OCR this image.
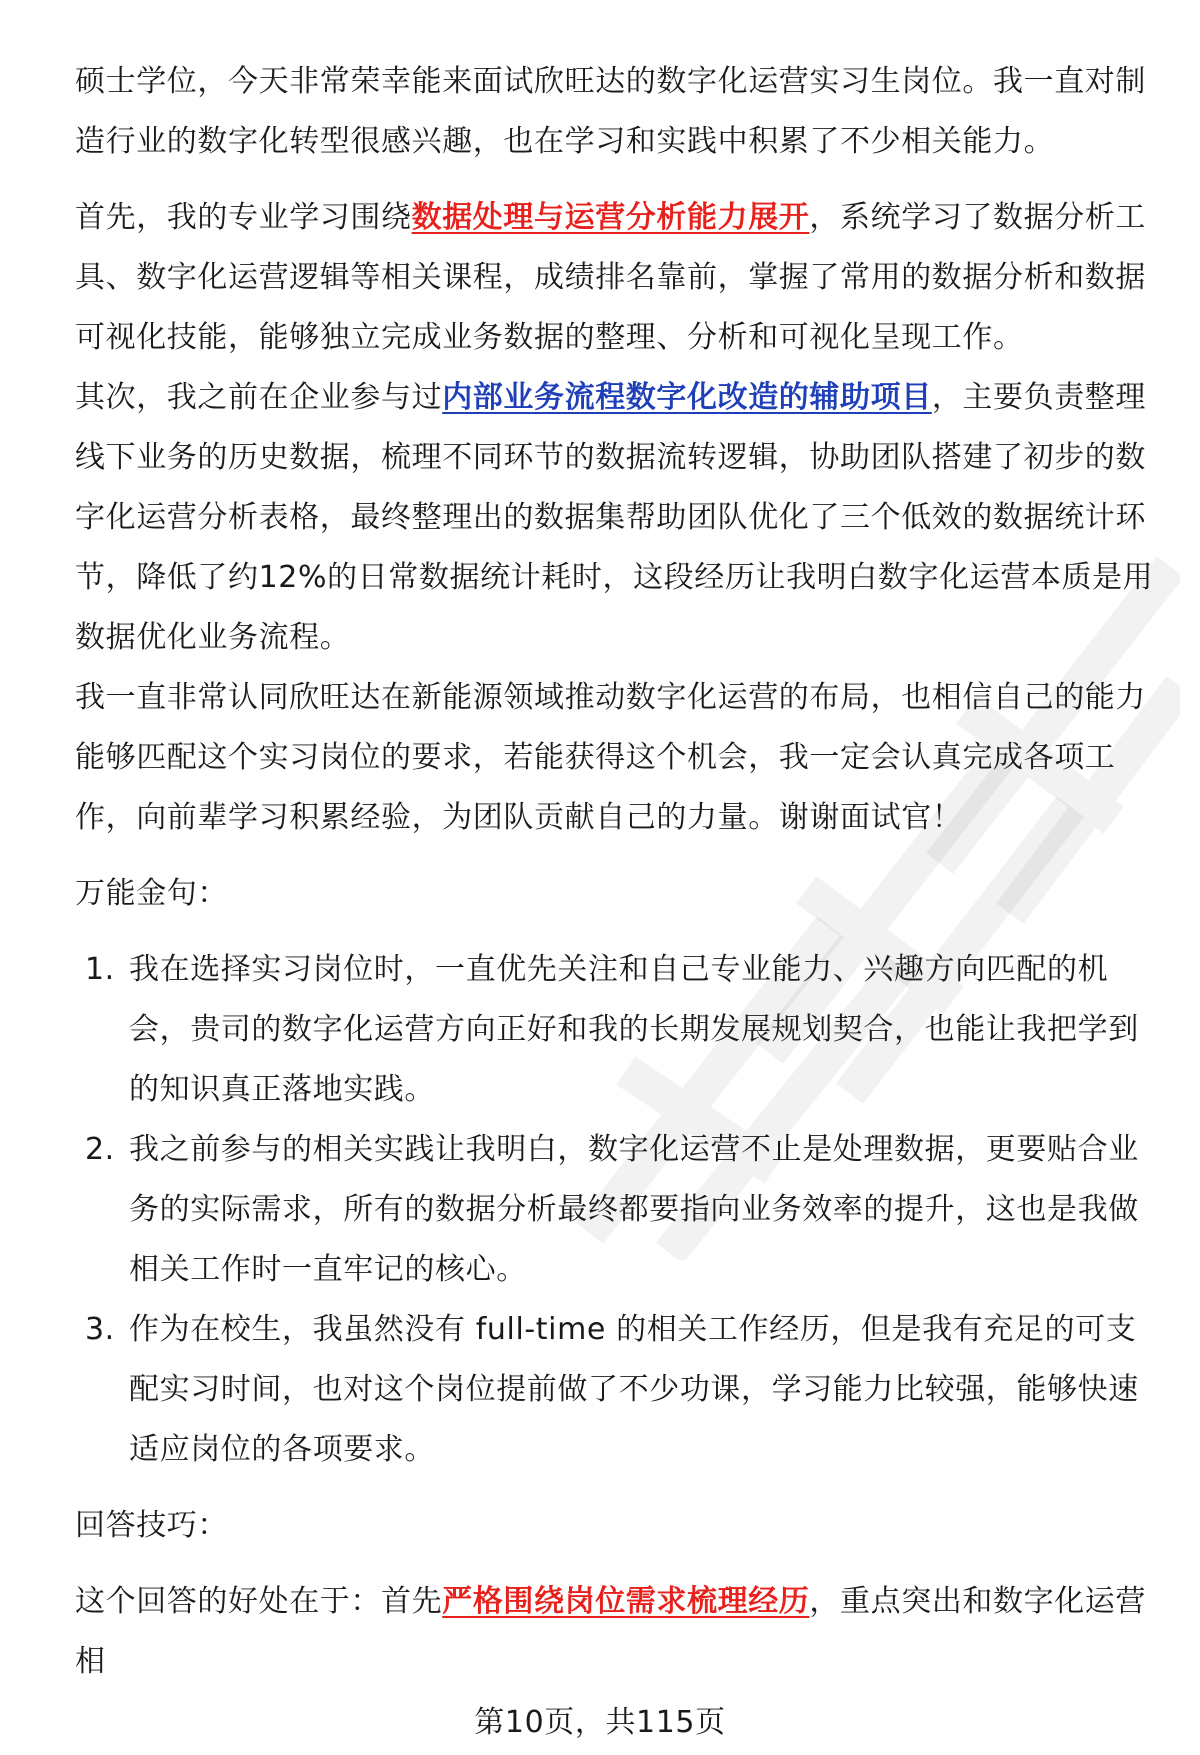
硕士学位，今天非常荣幸能来面试欣旺达的数字化运营实习生岗位。我一直对制造行业的数字化转型很感兴趣，也在学习和实践中积累了不少相关能力。

首先，我的专业学习围绕数据处理与运营分析能力展开，系统学习了数据分析工具、数字化运营逻辑等相关课程，成绩排名靠前，掌握了常用的数据分析和数据可视化技能，能够独立完成业务数据的整理、分析和可视化呈现工作。

其次，我之前在企业参与过内部业务流程数字化改造的辅助项目，主要负责整理线下业务的历史数据，梳理不同环节的数据流转逻辑，协助团队搭建了初步的数字化运营分析表格，最终整理出的数据集帮助团队优化了三个低效的数据统计环节，降低了约12%的日常数据统计耗时，这段经历让我明白数字化运营本质是用数据优化业务流程。

我一直非常认同欣旺达在新能源领域推动数字化运营的布局，也相信自己的能力能够匹配这个实习岗位的要求，若能获得这个机会，我一定会认真完成各项工作，向前辈学习积累经验，为团队贡献自己的力量。谢谢面试官！

万能金句：

1. 我在选择实习岗位时，一直优先关注和自己专业能力、兴趣方向匹配的机会，贵司的数字化运营方向正好和我的长期发展规划契合，也能让我把学到的知识真正落地实践。
2. 我之前参与的相关实践让我明白，数字化运营不止是处理数据，更要贴合业务的实际需求，所有的数据分析最终都要指向业务效率的提升，这也是我做相关工作时一直牢记的核心。
3. 作为在校生，我虽然没有 full-time 的相关工作经历，但是我有充足的可支配实习时间，也对这个岗位提前做了不少功课，学习能力比较强，能够快速适应岗位的各项要求。

回答技巧：

这个回答的好处在于：首先严格围绕岗位需求梳理经历，重点突出和数字化运营相

第10页，共115页
